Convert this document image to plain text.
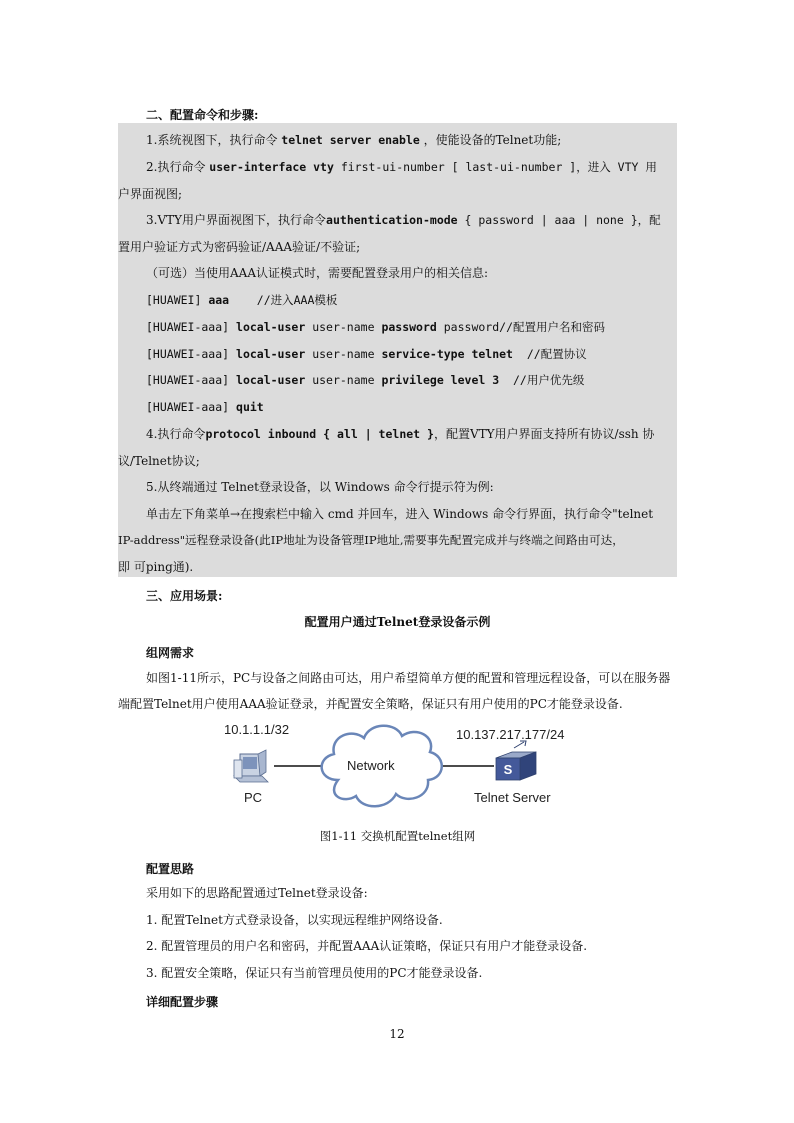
二、配置命令和步骤:
1.系统视图下，执行命令 telnet server enable ，使能设备的Telnet功能;
2.执行命令 user-interface vty first-ui-number [ last-ui-number ]，进入 VTY 用
户界面视图;
3.VTY用户界面视图下，执行命令authentication-mode { password | aaa | none }，配
置用户验证方式为密码验证/AAA验证/不验证;
（可选）当使用AAA认证模式时，需要配置登录用户的相关信息:
[HUAWEI] aaa    //进入AAA模板
[HUAWEI-aaa] local-user user-name password password//配置用户名和密码
[HUAWEI-aaa] local-user user-name service-type telnet  //配置协议
[HUAWEI-aaa] local-user user-name privilege level 3  //用户优先级
[HUAWEI-aaa] quit
4.执行命令protocol inbound { all | telnet }，配置VTY用户界面支持所有协议/ssh 协
议/Telnet协议;
5.从终端通过 Telnet登录设备，以 Windows 命令行提示符为例:
单击左下角菜单→在搜索栏中输入 cmd 并回车，进入 Windows 命令行界面，执行命令"telnet
IP-address"远程登录设备(此IP地址为设备管理IP地址,需要事先配置完成并与终端之间路由可达，
即 可ping通).
三、应用场景:
配置用户通过Telnet登录设备示例
组网需求
如图1-11所示，PC与设备之间路由可达，用户希望简单方便的配置和管理远程设备，可以在服务器
端配置Telnet用户使用AAA验证登录，并配置安全策略，保证只有用户使用的PC才能登录设备.
S
10.1.1.1/32
PC
Network
10.137.217.177/24
Telnet Server
图1-11 交换机配置telnet组网
配置思路
采用如下的思路配置通过Telnet登录设备:
1. 配置Telnet方式登录设备，以实现远程维护网络设备.
2. 配置管理员的用户名和密码，并配置AAA认证策略，保证只有用户才能登录设备.
3. 配置安全策略，保证只有当前管理员使用的PC才能登录设备.
详细配置步骤
12
